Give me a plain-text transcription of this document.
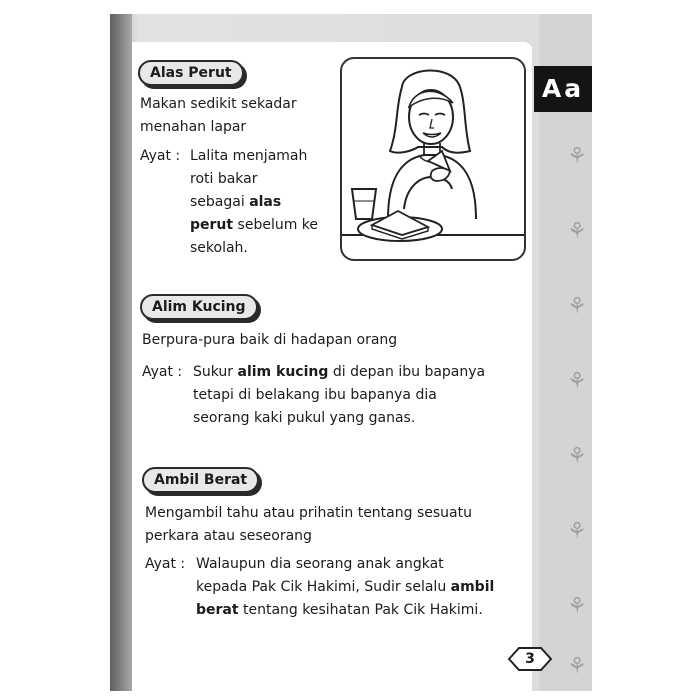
⚘
⚘
⚘
⚘
⚘
⚘
⚘
⚘
Aa
Alas Perut
Makan sedikit sekadar
menahan lapar
Ayat : Lalita menjamah
roti bakar
sebagai alas
perut sebelum ke
sekolah.
Alim Kucing
Berpura-pura baik di hadapan orang
Ayat : Sukur alim kucing di depan ibu bapanya
tetapi di belakang ibu bapanya dia
seorang kaki pukul yang ganas.
Ambil Berat
Mengambil tahu atau prihatin tentang sesuatu
perkara atau seseorang
Ayat : Walaupun dia seorang anak angkat
kepada Pak Cik Hakimi, Sudir selalu ambil
berat tentang kesihatan Pak Cik Hakimi.
3
